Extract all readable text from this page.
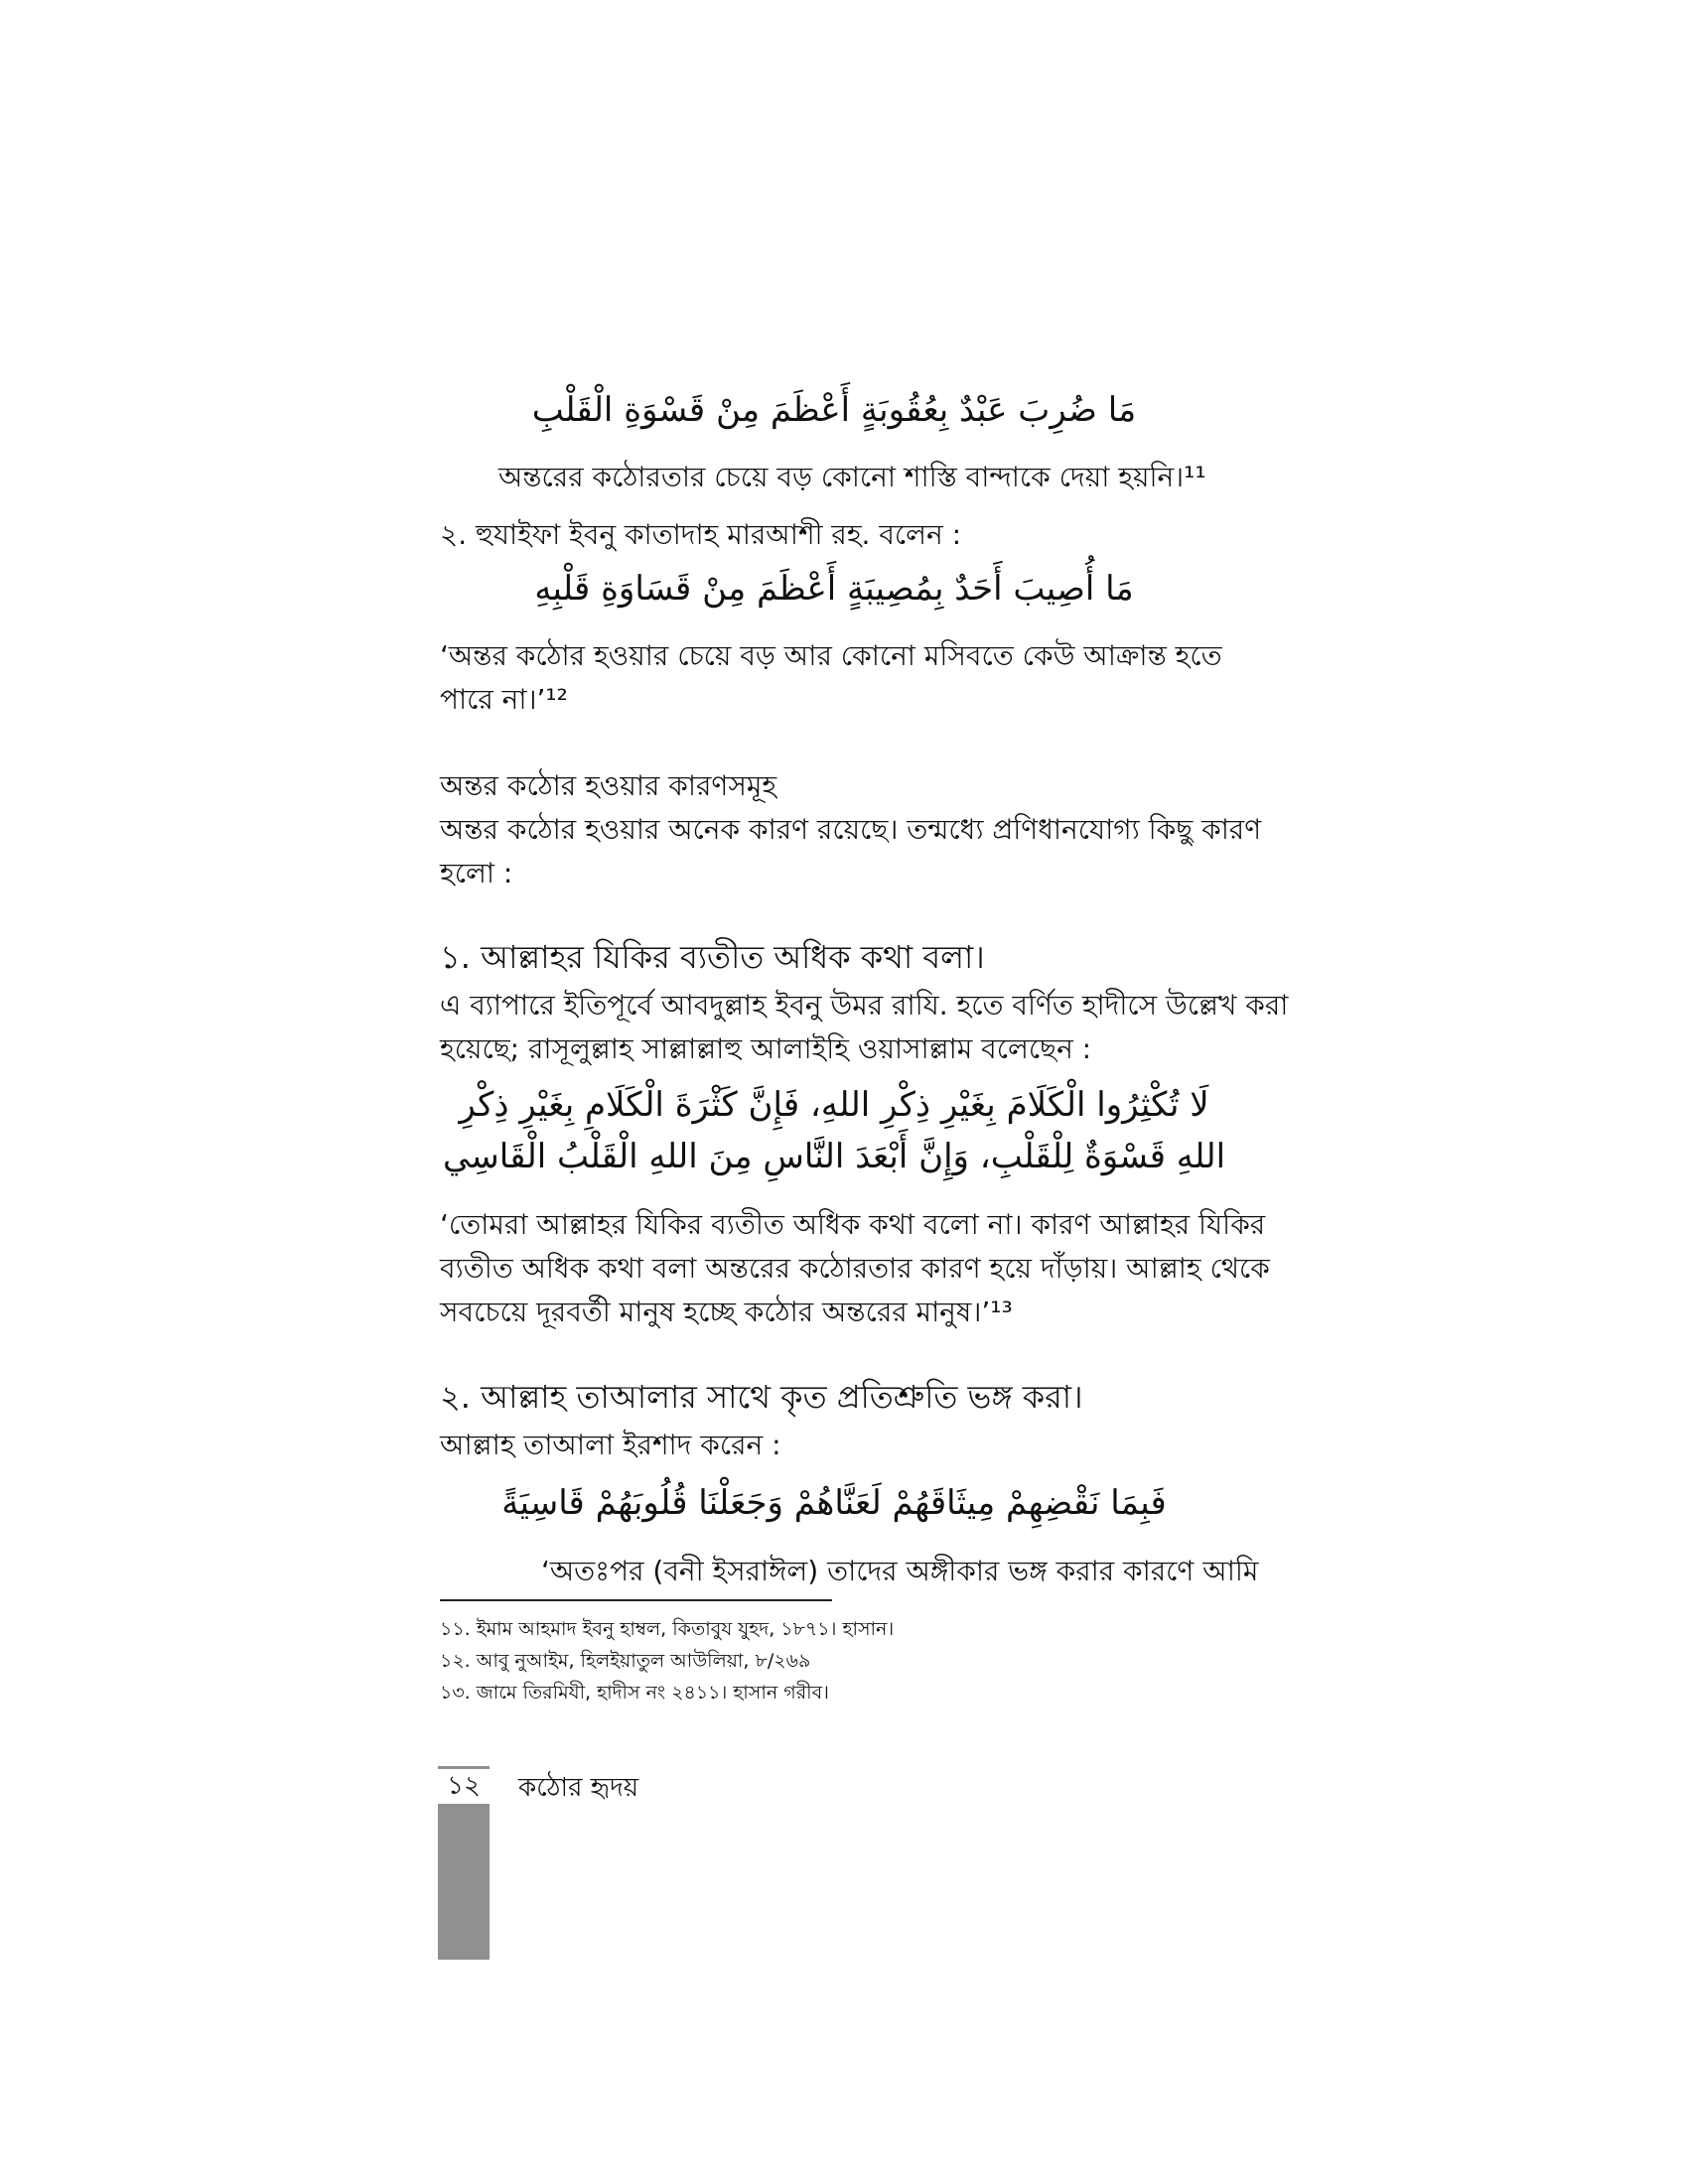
مَا ضُرِبَ عَبْدٌ بِعُقُوبَةٍ أَعْظَمَ مِنْ قَسْوَةِ الْقَلْبِ
অন্তরের কঠোরতার চেয়ে বড় কোনো শাস্তি বান্দাকে দেয়া হয়নি।¹¹
২. হুযাইফা ইবনু কাতাদাহ মারআশী রহ. বলেন :
مَا أُصِيبَ أَحَدٌ بِمُصِيبَةٍ أَعْظَمَ مِنْ قَسَاوَةِ قَلْبِهِ
‘অন্তর কঠোর হওয়ার চেয়ে বড় আর কোনো মসিবতে কেউ আক্রান্ত হতে
পারে না।’¹²
অন্তর কঠোর হওয়ার কারণসমূহ
অন্তর কঠোর হওয়ার অনেক কারণ রয়েছে। তন্মধ্যে প্রণিধানযোগ্য কিছু কারণ
হলো :
১. আল্লাহর যিকির ব্যতীত অধিক কথা বলা।
এ ব্যাপারে ইতিপূর্বে আবদুল্লাহ ইবনু উমর রাযি. হতে বর্ণিত হাদীসে উল্লেখ করা
হয়েছে; রাসূলুল্লাহ সাল্লাল্লাহু আলাইহি ওয়াসাল্লাম বলেছেন :
لَا تُكْثِرُوا الْكَلَامَ بِغَيْرِ ذِكْرِ اللهِ، فَإِنَّ كَثْرَةَ الْكَلَامِ بِغَيْرِ ذِكْرِ
اللهِ قَسْوَةٌ لِلْقَلْبِ، وَإِنَّ أَبْعَدَ النَّاسِ مِنَ اللهِ الْقَلْبُ الْقَاسِي
‘তোমরা আল্লাহর যিকির ব্যতীত অধিক কথা বলো না। কারণ আল্লাহর যিকির
ব্যতীত অধিক কথা বলা অন্তরের কঠোরতার কারণ হয়ে দাঁড়ায়। আল্লাহ থেকে
সবচেয়ে দূরবর্তী মানুষ হচ্ছে কঠোর অন্তরের মানুষ।’¹³
২. আল্লাহ তাআলার সাথে কৃত প্রতিশ্রুতি ভঙ্গ করা।
আল্লাহ তাআলা ইরশাদ করেন :
فَبِمَا نَقْضِهِمْ مِيثَاقَهُمْ لَعَنَّاهُمْ وَجَعَلْنَا قُلُوبَهُمْ قَاسِيَةً
‘অতঃপর (বনী ইসরাঈল) তাদের অঙ্গীকার ভঙ্গ করার কারণে আমি
১১. ইমাম আহমাদ ইবনু হাম্বল, কিতাবুয যুহদ, ১৮৭১। হাসান।
১২. আবু নুআইম, হিলইয়াতুল আউলিয়া, ৮/২৬৯
১৩. জামে তিরমিযী, হাদীস নং ২৪১১। হাসান গরীব।
১২	কঠোর হৃদয়
